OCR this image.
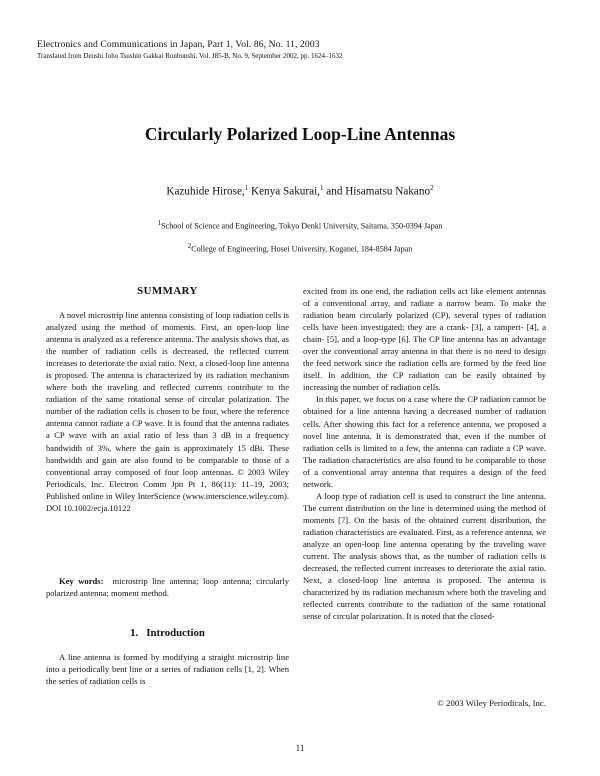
Electronics and Communications in Japan, Part 1, Vol. 86, No. 11, 2003
Translated from Denshi Joho Tsushin Gakkai Ronbunshi, Vol. J85-B, No. 9, September 2002, pp. 1624–1632
Circularly Polarized Loop-Line Antennas
Kazuhide Hirose,$^1$ Kenya Sakurai,$^1$ and Hisamatsu Nakano$^2$
$^1$School of Science and Engineering, Tokyo Denki University, Saitama, 350-0394 Japan
$^2$College of Engineering, Hosei University, Koganei, 184-8584 Japan
SUMMARY

A novel microstrip line antenna consisting of loop radiation cells is analyzed using the method of moments. First, an open-loop line antenna is analyzed as a reference antenna. The analysis shows that, as the number of radiation cells is decreased, the reflected current increases to deteriorate the axial ratio. Next, a closed-loop line antenna is proposed. The antenna is characterized by its radiation mechanism where both the traveling and reflected currents contribute to the radiation of the same rotational sense of circular polarization. The number of the radiation cells is chosen to be four, where the reference antenna cannot radiate a CP wave. It is found that the antenna radiates a CP wave with an axial ratio of less than 3 dB in a frequency bandwidth of 3%, where the gain is approximately 15 dBi. These bandwidth and gain are also found to be comparable to those of a conventional array composed of four loop antennas. © 2003 Wiley Periodicals, Inc. Electron Comm Jpn Pt 1, 86(11): 11–19, 2003; Published online in Wiley InterScience (www.interscience.wiley.com). DOI 10.1002/ecja.10122

Key words: microstrip line antenna; loop antenna; circularly polarized antenna; moment method.

1.   Introduction

A line antenna is formed by modifying a straight microstrip line into a periodically bent line or a series of radiation cells [1, 2]. When the series of radiation cells is

excited from its one end, the radiation cells act like element antennas of a conventional array, and radiate a narrow beam. To make the radiation beam circularly polarized (CP), several types of radiation cells have been investigated; they are a crank- [3], a rampert- [4], a chain- [5], and a loop-type [6]. The CP line antenna has an advantage over the conventional array antenna in that there is no need to design the feed network since the radiation cells are formed by the feed line itself. In addition, the CP radiation can be easily obtained by increasing the number of radiation cells.

In this paper, we focus on a case where the CP radiation cannot be obtained for a line antenna having a decreased number of radiation cells. After showing this fact for a reference antenna, we proposed a novel line antenna. It is demonstrated that, even if the number of radiation cells is limited to a few, the antenna can radiate a CP wave. The radiation characteristics are also found to be comparable to those of a conventional array antenna that requires a design of the feed network.

A loop type of radiation cell is used to construct the line antenna. The current distribution on the line is determined using the method of moments [7]. On the basis of the obtained current distribution, the radiation characteristics are evaluated. First, as a reference antenna, we analyze an open-loop line antenna operating by the traveling wave current. The analysis shows that, as the number of radiation cells is decreased, the reflected current increases to deteriorate the axial ratio. Next, a closed-loop line antenna is proposed. The antenna is characterized by its radiation mechanism where both the traveling and reflected currents contribute to the radiation of the same rotational sense of circular polarization. It is noted that the closed-

© 2003 Wiley Periodicals, Inc.
11
